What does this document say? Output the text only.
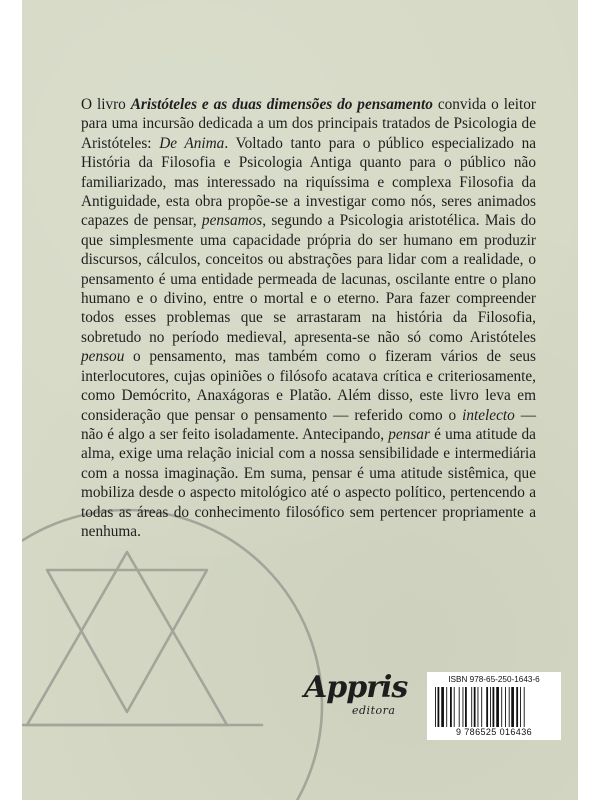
O livro Aristóteles e as duas dimensões do pensamento convida o leitor para uma incursão dedicada a um dos principais tratados de Psicologia de Aristóteles: De Anima. Voltado tanto para o público especializado na História da Filosofia e Psicologia Antiga quanto para o público não familiarizado, mas interessado na riquíssima e complexa Filosofia da Antiguidade, esta obra propõe-se a investigar como nós, seres animados capazes de pensar, pensamos, segundo a Psicologia aristotélica. Mais do que simplesmente uma capacidade própria do ser humano em produzir discursos, cálculos, conceitos ou abstrações para lidar com a realidade, o pensamento é uma entidade permeada de lacunas, oscilante entre o plano humano e o divino, entre o mortal e o eterno. Para fazer compreender todos esses problemas que se arrastaram na história da Filosofia, sobretudo no período medieval, apresenta-se não só como Aristóteles pensou o pensamento, mas também como o fizeram vários de seus interlocutores, cujas opiniões o filósofo acatava crítica e criteriosamente, como Demócrito, Anaxágoras e Platão. Além disso, este livro leva em consideração que pensar o pensamento — referido como o intelecto — não é algo a ser feito isoladamente. Antecipando, pensar é uma atitude da alma, exige uma relação inicial com a nossa sensibilidade e intermediária com a nossa imaginação. Em suma, pensar é uma atitude sistêmica, que mobiliza desde o aspecto mitológico até o aspecto político, pertencendo a todas as áreas do conhecimento filosófico sem pertencer propriamente a nenhuma.

Appris
editora
ISBN 978-65-250-1643-6
9 786525 016436
